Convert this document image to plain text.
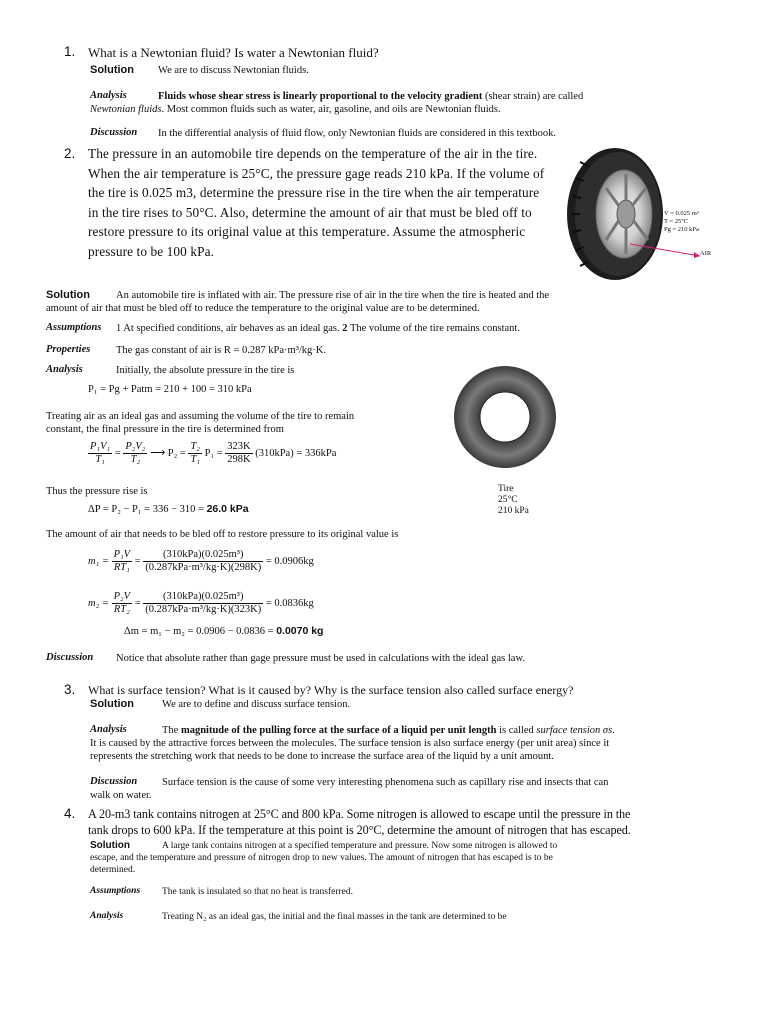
1. What is a Newtonian fluid? Is water a Newtonian fluid?
Solution We are to discuss Newtonian fluids.
Analysis	Fluids whose shear stress is linearly proportional to the velocity gradient (shear strain) are called
Newtonian fluids. Most common fluids such as water, air, gasoline, and oils are Newtonian fluids.
Discussion In the differential analysis of fluid flow, only Newtonian fluids are considered in this textbook.
2. The pressure in an automobile tire depends on the temperature of the air in the tire.
When the air temperature is 25°C, the pressure gage reads 210 kPa. If the volume of
the tire is 0.025 m3, determine the pressure rise in the tire when the air temperature
in the tire rises to 50°C. Also, determine the amount of air that must be bled off to
restore pressure to its original value at this temperature. Assume the atmospheric
pressure to be 100 kPa.
V = 0.025 m³
T = 25°C
Pg = 210 kPa
AIR
Solution An automobile tire is inflated with air. The pressure rise of air in the tire when the tire is heated and the
amount of air that must be bled off to reduce the temperature to the original value are to be determined.
Assumptions 1 At specified conditions, air behaves as an ideal gas. 2 The volume of the tire remains constant.
Properties The gas constant of air is R = 0.287 kPa·m³/kg·K.
Analysis	Initially, the absolute pressure in the tire is
P₁ = Pg + Patm = 210 + 100 = 310 kPa
Treating air as an ideal gas and assuming the volume of the tire to remain
constant, the final pressure in the tire is determined from
$\frac{\text{P₁V₁}}{\text{T₁}} = \frac{\text{P₂V₂}}{\text{T₂}}$ ⟶ $P_2 = \frac{\text{T₂}}{\text{T₁}} P_1 = \frac{323K}{298K} (310kPa) = 336kPa$
Thus the pressure rise is
ΔP = P₂ − P₁ = 336 − 310 = 26.0 kPa
Tire
25°C
210 kPa
The amount of air that needs to be bled off to restore pressure to its original value is
$m_1 = \frac{\text{P₁V}}{\text{RT₁}} = \frac{\text{(310kPa)(0.025m³)}}{\text{(0.287kPa·m³/kg·K)(298K)}} = 0.0906kg$
$m_2 = \frac{\text{P₂V}}{\text{RT₂}} = \frac{\text{(310kPa)(0.025m³)}}{\text{(0.287kPa·m³/kg·K)(323K)}} = 0.0836kg$
Δm = m₁ − m₂ = 0.0906 − 0.0836 = 0.0070 kg
Discussion Notice that absolute rather than gage pressure must be used in calculations with the ideal gas law.
3. What is surface tension? What is it caused by? Why is the surface tension also called surface energy?
Solution	We are to define and discuss surface tension.
Analysis	The magnitude of the pulling force at the surface of a liquid per unit length is called surface tension σs.
It is caused by the attractive forces between the molecules. The surface tension is also surface energy (per unit area) since it
represents the stretching work that needs to be done to increase the surface area of the liquid by a unit amount.
Discussion Surface tension is the cause of some very interesting phenomena such as capillary rise and insects that can
walk on water.
4. A 20-m3 tank contains nitrogen at 25°C and 800 kPa. Some nitrogen is allowed to escape until the pressure in the
tank drops to 600 kPa. If the temperature at this point is 20°C, determine the amount of nitrogen that has escaped.
Solution	A large tank contains nitrogen at a specified temperature and pressure. Now some nitrogen is allowed to
escape, and the temperature and pressure of nitrogen drop to new values. The amount of nitrogen that has escaped is to be
determined.
Assumptions The tank is insulated so that no heat is transferred.
Analysis	Treating N₂ as an ideal gas, the initial and the final masses in the tank are determined to be
